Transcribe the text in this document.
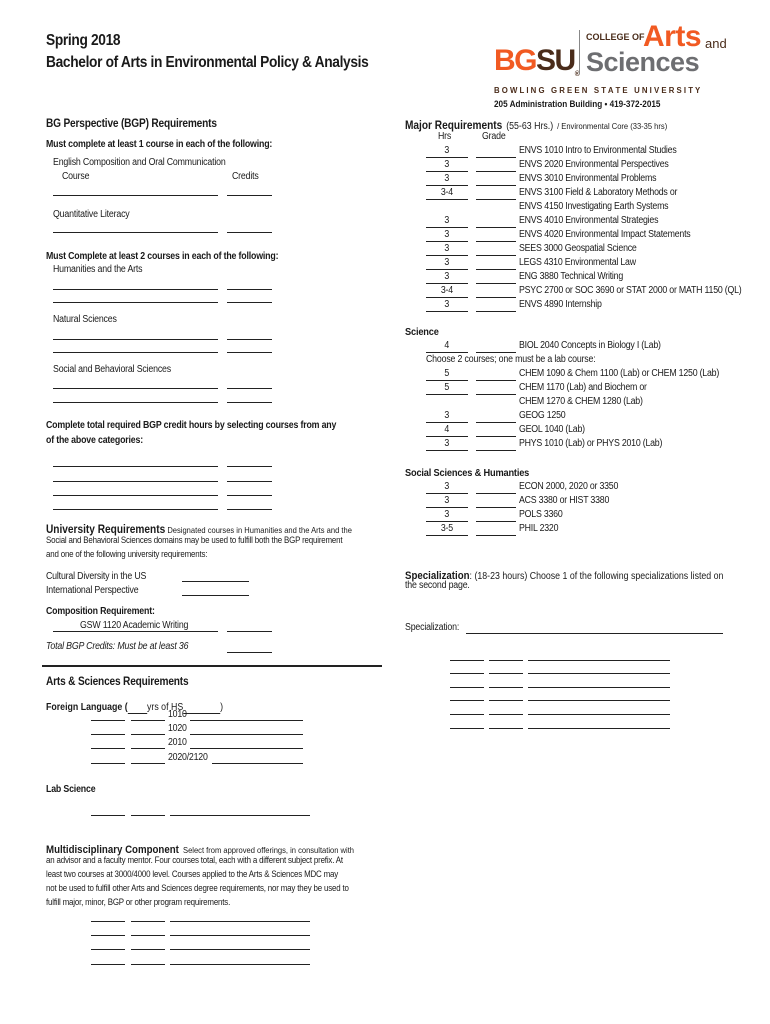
Spring 2018
Bachelor of Arts in Environmental Policy & Analysis	BGSU®
COLLEGE OF
Arts and
Sciences
B O W L I N G   G R E E N   S T A T E   U N I V E R S I T Y
205 Administration Building • 419-372-2015
BG Perspective (BGP) Requirements
Must complete at least 1 course in each of the following:
English Composition and Oral Communication
Course	Credits
Quantitative Literacy
Must Complete at least 2 courses in each of the following:
Humanities and the Arts
Natural Sciences
Social and Behavioral Sciences
Complete total required BGP credit hours by selecting courses from any
of the above categories:
University Requirements Designated courses in Humanities and the Arts and the
Social and Behavioral Sciences domains may be used to fulfill both the BGP requirement
and one of the following university requirements:
Cultural Diversity in the US
International Perspective
Composition Requirement:
GSW 1120 Academic Writing
Total BGP Credits: Must be at least 36
Arts & Sciences Requirements
Foreign Language ( yrs of HS	)
1010
1020
2010
2020/2120
Lab Science
Multidisciplinary Component Select from approved offerings, in consultation with
an advisor and a faculty mentor. Four courses total, each with a different subject prefix. At
least two courses at 3000/4000 level. Courses applied to the Arts & Sciences MDC may
not be used to fulfill other Arts and Sciences degree requirements, nor may they be used to
fulfill major, minor, BGP or other program requirements.
Major Requirements (55-63 Hrs.) / Environmental Core (33-35 hrs)
Hrs	Grade
3	ENVS 1010 Intro to Environmental Studies
3	ENVS 2020 Environmental Perspectives
3	ENVS 3010 Environmental Problems
3-4	ENVS 3100 Field & Laboratory Methods or
ENVS 4150 Investigating Earth Systems
3	ENVS 4010 Environmental Strategies
3	ENVS 4020 Environmental Impact Statements
3	SEES 3000 Geospatial Science
3	LEGS 4310 Environmental Law
3	ENG 3880 Technical Writing
3-4	PSYC 2700 or SOC 3690 or STAT 2000 or MATH 1150 (QL)
3	ENVS 4890 Internship
Science
4	BIOL 2040 Concepts in Biology I (Lab)
Choose 2 courses; one must be a lab course:
5	CHEM 1090 & Chem 1100 (Lab) or CHEM 1250 (Lab)
5	CHEM 1170 (Lab) and Biochem or
CHEM 1270 & CHEM 1280 (Lab)
3	GEOG 1250
4	GEOL 1040 (Lab)
3	PHYS 1010 (Lab) or PHYS 2010 (Lab)
Social Sciences & Humanties
3	ECON 2000, 2020 or 3350
3	ACS 3380 or HIST 3380
3	POLS 3360
3-5	PHIL 2320
Specialization: (18-23 hours) Choose 1 of the following specializations listed on
the second page.
Specialization:
